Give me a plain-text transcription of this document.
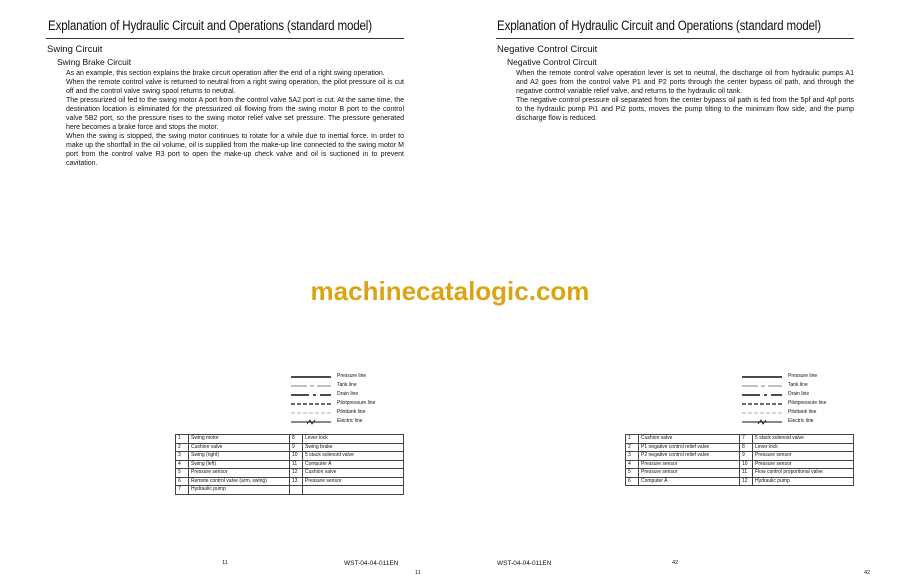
Explanation of Hydraulic Circuit and Operations (standard model)
Swing Circuit
Swing Brake Circuit

As an example, this section explains the brake circuit operation after the end of a right swing operation.

When the remote control valve is returned to neutral from a right swing operation, the pilot pressure oil is cut off and the control valve swing spool returns to neutral.

The pressurized oil fed to the swing motor A port from the control valve 5A2 port is cut. At the same time, the destination location is eliminated for the pressurized oil flowing from the swing motor B port to the control valve 5B2 port, so the pressure rises to the swing motor relief valve set pressure. The pressure generated here becomes a brake force and stops the motor.

When the swing is stopped, the swing motor continues to rotate for a while due to inertial force. In order to make up the shortfall in the oil volume, oil is supplied from the make-up line connected to the swing motor M port from the control valve R3 port to open the make-up check valve and oil is suctioned in to prevent cavitation.

Pressure line
Tank line
Drain line
Pilotpressure line
Pilottank line
Electric line
1	Swing motor	8	Lever lock
2	Cushion valve	9	Swing brake
3	Swing (right)	10	5 stack solenoid valve
4	Swing (left)	11	Computer A
5	Pressure sensor	12	Cushion valve
6	Remote control valve (arm, swing)	13	Pressure sensor
7	Hydraulic pump		
11	WST-04-04-011EN
11
Explanation of Hydraulic Circuit and Operations (standard model)
Negative Control Circuit
Negative Control Circuit

When the remote control valve operation lever is set to neutral, the discharge oil from hydraulic pumps A1 and A2 goes from the control valve P1 and P2 ports through the center bypass oil path, and through the negative control variable relief valve, and returns to the hydraulic oil tank.

The negative control pressure oil separated from the center bypass oil path is fed from the 5pf and 4pf ports to the hydraulic pump Pi1 and Pi2 ports, moves the pump tilting to the minimum flow side, and the pump discharge flow is reduced.

Pressure line
Tank line
Drain line
Pilotpressure line
Pilottank line
Electric line
1	Cushion valve	7	5 stack solenoid valve
2	P1 negative control relief valve	8	Lever lock
3	P2 negative control relief valve	9	Pressure sensor
4	Pressure sensor	10	Pressure sensor
5	Pressure sensor	11	Flow control proportional valve
6	Computer A	12	Hydraulic pump
WST-04-04-011EN	42
42
machinecatalogic.com
